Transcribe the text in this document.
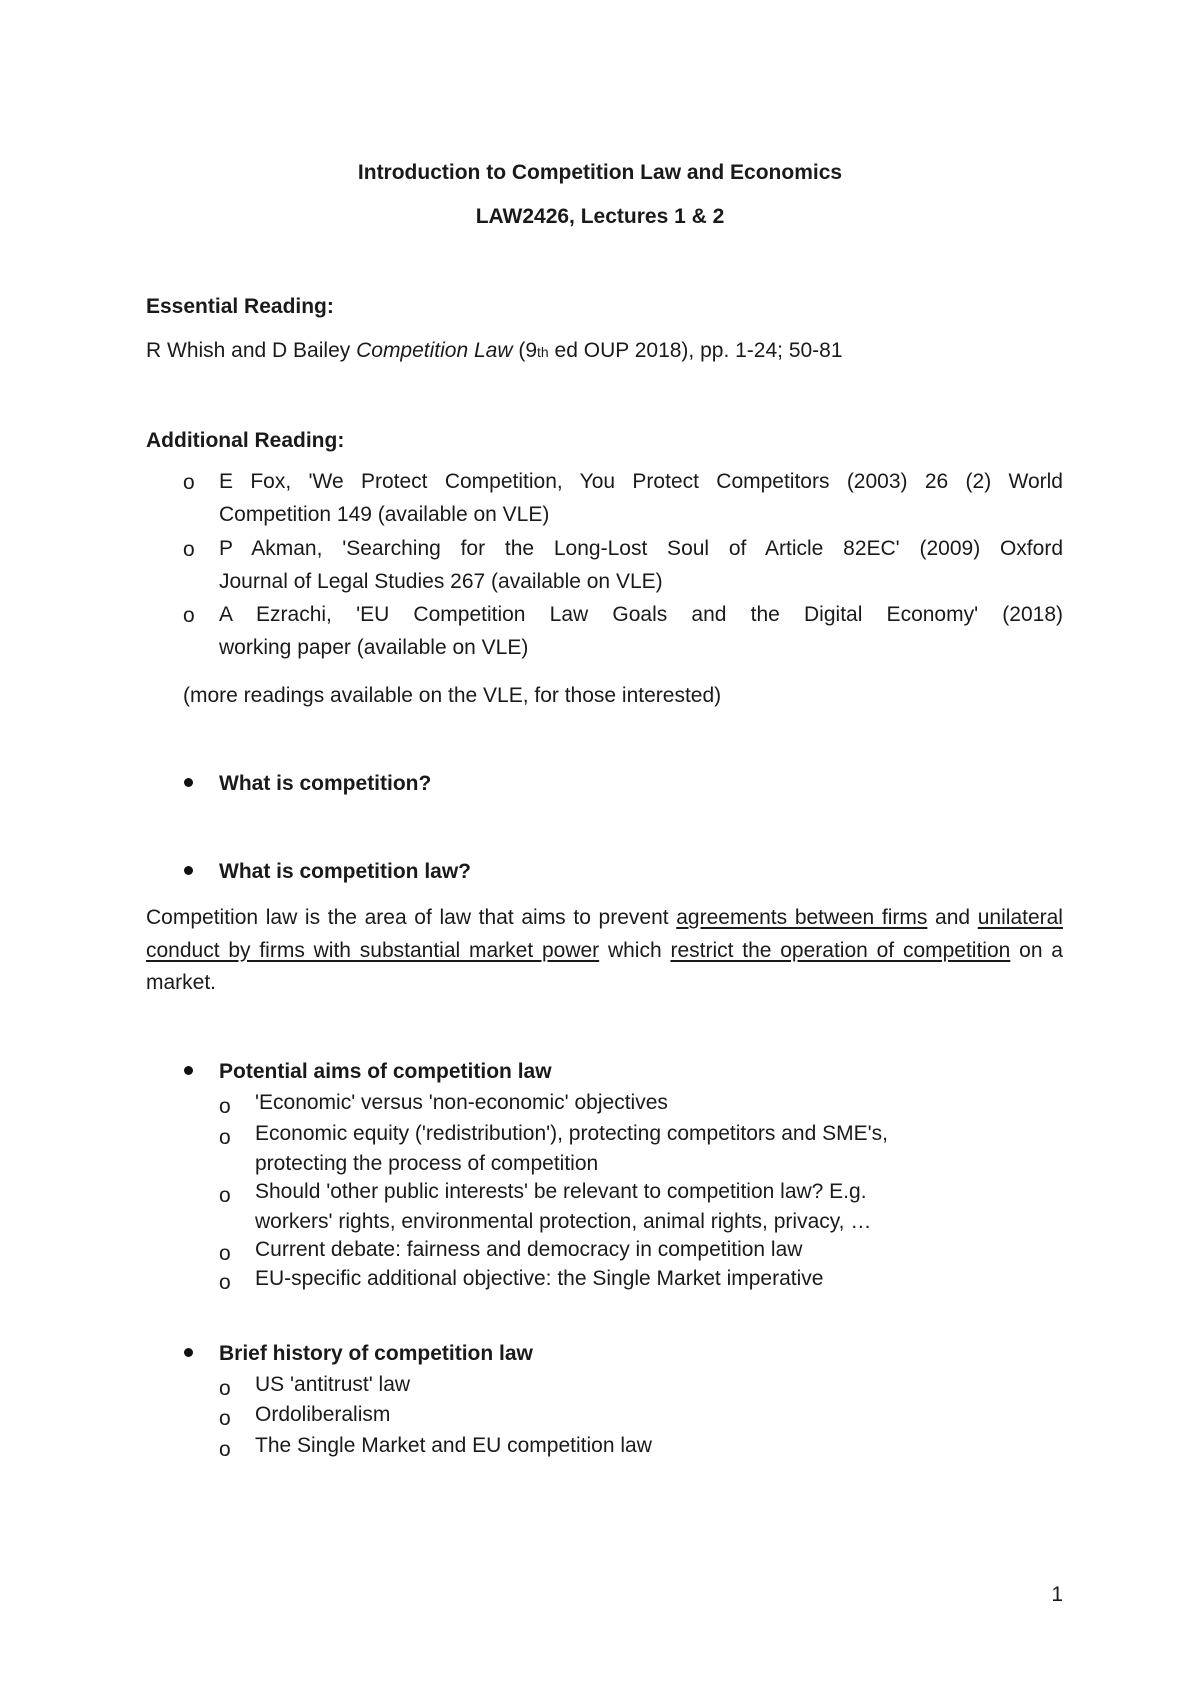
Introduction to Competition Law and Economics
LAW2426, Lectures 1 & 2
Essential Reading:
R Whish and D Bailey Competition Law (9th ed OUP 2018), pp. 1-24; 50-81
Additional Reading:
o E Fox, 'We Protect Competition, You Protect Competitors (2003) 26 (2) World
Competition 149 (available on VLE)
o P Akman, 'Searching for the Long-Lost Soul of Article 82EC' (2009) Oxford
Journal of Legal Studies 267 (available on VLE)
o A Ezrachi, 'EU Competition Law Goals and the Digital Economy' (2018)
working paper (available on VLE)
(more readings available on the VLE, for those interested)
What is competition?
What is competition law?
Competition law is the area of law that aims to prevent agreements between firms and unilateral conduct by firms with substantial market power which restrict the operation of competition on a market.
Potential aims of competition law
o 'Economic' versus 'non-economic' objectives
o Economic equity ('redistribution'), protecting competitors and SME's,
protecting the process of competition
o Should 'other public interests' be relevant to competition law? E.g.
workers' rights, environmental protection, animal rights, privacy, …
o Current debate: fairness and democracy in competition law
o EU-specific additional objective: the Single Market imperative
Brief history of competition law
o US 'antitrust' law
o Ordoliberalism
o The Single Market and EU competition law
1
